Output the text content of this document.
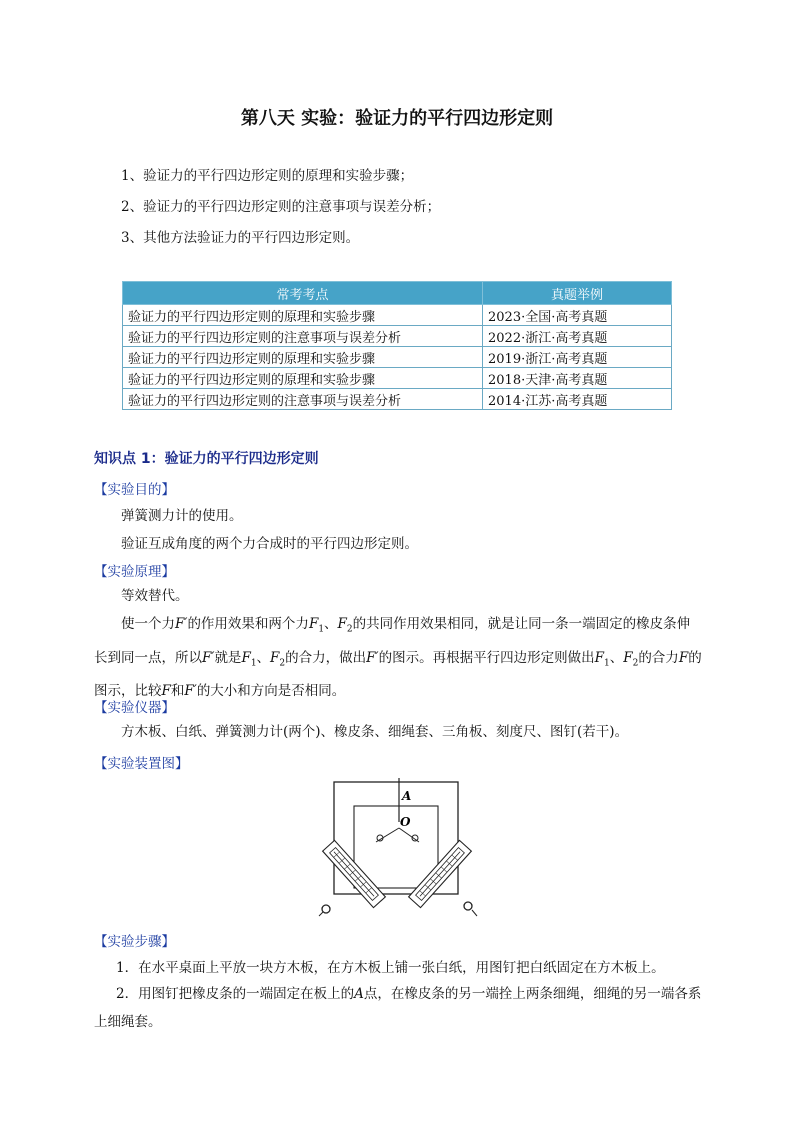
第八天 实验：验证力的平行四边形定则
1、验证力的平行四边形定则的原理和实验步骤；
2、验证力的平行四边形定则的注意事项与误差分析；
3、其他方法验证力的平行四边形定则。
常考考点	真题举例
验证力的平行四边形定则的原理和实验步骤	2023·全国·高考真题
验证力的平行四边形定则的注意事项与误差分析	2022·浙江·高考真题
验证力的平行四边形定则的原理和实验步骤	2019·浙江·高考真题
验证力的平行四边形定则的原理和实验步骤	2018·天津·高考真题
验证力的平行四边形定则的注意事项与误差分析	2014·江苏·高考真题
知识点 1：验证力的平行四边形定则
【实验目的】
弹簧测力计的使用。
验证互成角度的两个力合成时的平行四边形定则。
【实验原理】
等效替代。
使一个力F′的作用效果和两个力$F_1$、$F_2$的共同作用效果相同，就是让同一条一端固定的橡皮条伸长到同一点，所以F′就是$F_1$、$F_2$的合力，做出F′的图示。再根据平行四边形定则做出$F_1$、$F_2$的合力F的图示，比较F和F′的大小和方向是否相同。
【实验仪器】
方木板、白纸、弹簧测力计(两个)、橡皮条、细绳套、三角板、刻度尺、图钉(若干)。
【实验装置图】
A
O
【实验步骤】
1．在水平桌面上平放一块方木板，在方木板上铺一张白纸，用图钉把白纸固定在方木板上。
2．用图钉把橡皮条的一端固定在板上的A点，在橡皮条的另一端拴上两条细绳，细绳的另一端各系上细绳套。
